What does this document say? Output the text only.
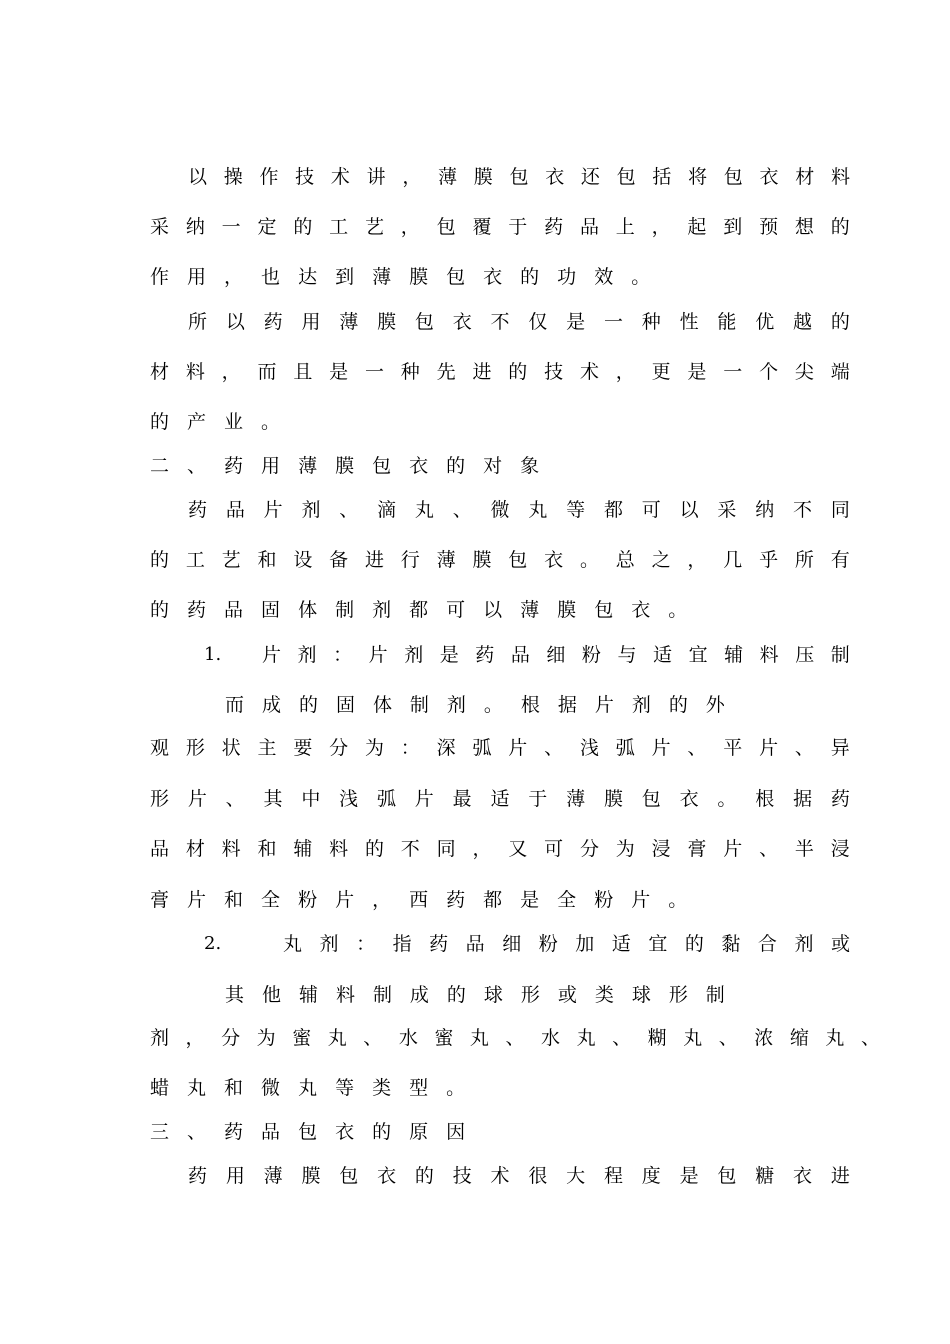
以 操 作 技 术 讲 ， 薄 膜 包 衣 还 包 括 将 包 衣 材 料
采 纳 一 定 的 工 艺 ， 包 覆 于 药 品 上 ， 起 到 预 想 的
作 用 ， 也 达 到 薄 膜 包 衣 的 功 效 。
所 以 药 用 薄 膜 包 衣 不 仅 是 一 种 性 能 优 越 的
材 料 ， 而 且 是 一 种 先 进 的 技 术 ， 更 是 一 个 尖 端
的 产 业 。
二 、 药 用 薄 膜 包 衣 的 对 象
药 品 片 剂 、 滴 丸 、 微 丸 等 都 可 以 采 纳 不 同
的 工 艺 和 设 备 进 行 薄 膜 包 衣 。 总 之 ， 几 乎 所 有
的 药 品 固 体 制 剂 都 可 以 薄 膜 包 衣 。
1. 片 剂 ： 片 剂 是 药 品 细 粉 与 适 宜 辅 料 压 制
而 成 的 固 体 制 剂 。 根 据 片 剂 的 外
观 形 状 主 要 分 为 ： 深 弧 片 、 浅 弧 片 、 平 片 、 异
形 片 、 其 中 浅 弧 片 最 适 于 薄 膜 包 衣 。 根 据 药
品 材 料 和 辅 料 的 不 同 ， 又 可 分 为 浸 膏 片 、 半 浸
膏 片 和 全 粉 片 ， 西 药 都 是 全 粉 片 。
2.	丸 剂 ： 指 药 品 细 粉 加 适 宜 的 黏 合 剂 或
其 他 辅 料 制 成 的 球 形 或 类 球 形 制
剂 ， 分 为 蜜 丸 、 水 蜜 丸 、 水 丸 、 糊 丸 、 浓 缩 丸 、
蜡 丸 和 微 丸 等 类 型 。
三 、 药 品 包 衣 的 原 因
药 用 薄 膜 包 衣 的 技 术 很 大 程 度 是 包 糖 衣 进
